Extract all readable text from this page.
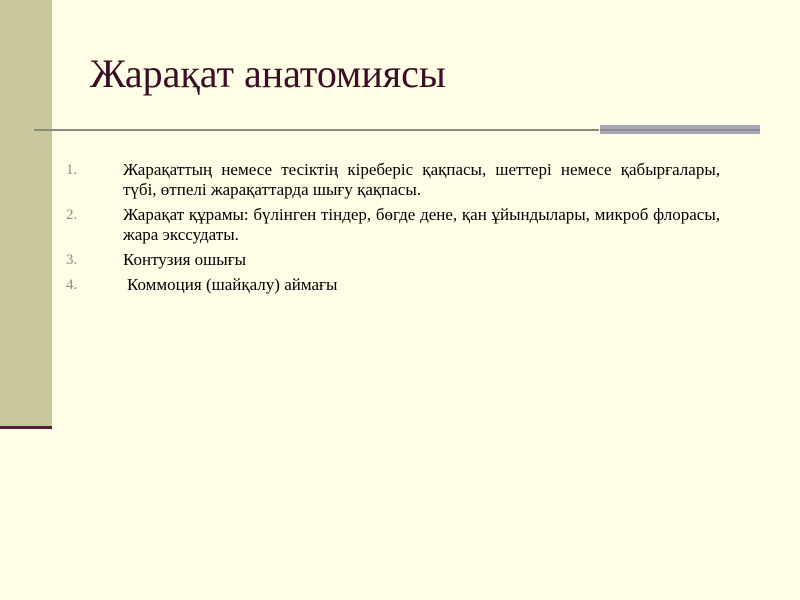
Жарақат анатомиясы
1.	Жарақаттың немесе тесіктің кіреберіс қақпасы, шеттері немесе қабырғалары, түбі, өтпелі жарақаттарда шығу қақпасы.
2.	Жарақат құрамы: бүлінген тіндер, бөгде дене, қан ұйындылары, микроб флорасы, жара экссудаты.
3.	Контузия ошығы
4.	Коммоция (шайқалу) аймағы
